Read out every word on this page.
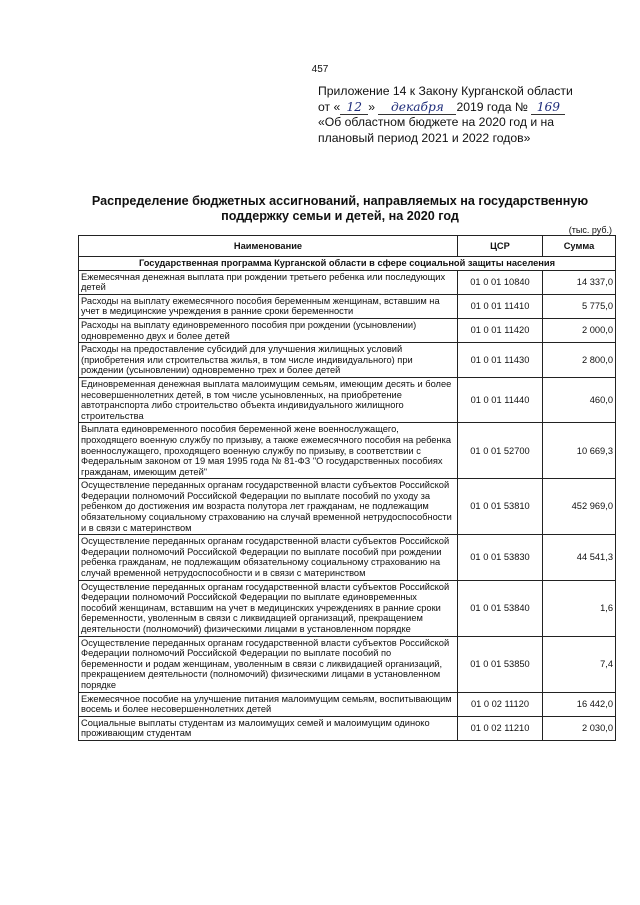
457
Приложение 14 к Закону Курганской области
от « 12 » декабря 2019 года № 169
«Об областном бюджете на 2020 год и на
плановый период 2021 и 2022 годов»
Распределение бюджетных ассигнований, направляемых на государственную
поддержку семьи и детей, на 2020 год
(тыс. руб.)
Наименование	ЦСР	Сумма
Государственная программа Курганской области в сфере социальной защиты населения		
Ежемесячная денежная выплата при рождении третьего ребенка или последующих детей	01 0 01 10840	14 337,0
Расходы на выплату ежемесячного пособия беременным женщинам, вставшим на учет в медицинские учреждения в ранние сроки беременности	01 0 01 11410	5 775,0
Расходы на выплату единовременного пособия при рождении (усыновлении) одновременно двух и более детей	01 0 01 11420	2 000,0
Расходы на предоставление субсидий для улучшения жилищных условий (приобретения или строительства жилья, в том числе индивидуального) при рождении (усыновлении) одновременно трех и более детей	01 0 01 11430	2 800,0
Единовременная денежная выплата малоимущим семьям, имеющим десять и более несовершеннолетних детей, в том числе усыновленных, на приобретение автотранспорта либо строительство объекта индивидуального жилищного строительства	01 0 01 11440	460,0
Выплата единовременного пособия беременной жене военнослужащего, проходящего военную службу по призыву, а также ежемесячного пособия на ребенка военнослужащего, проходящего военную службу по призыву, в соответствии с Федеральным законом от 19 мая 1995 года № 81-ФЗ "О государственных пособиях гражданам, имеющим детей"	01 0 01 52700	10 669,3
Осуществление переданных органам государственной власти субъектов Российской Федерации полномочий Российской Федерации по выплате пособий по уходу за ребенком до достижения им возраста полутора лет гражданам, не подлежащим обязательному социальному страхованию на случай временной нетрудоспособности и в связи с материнством	01 0 01 53810	452 969,0
Осуществление переданных органам государственной власти субъектов Российской Федерации полномочий Российской Федерации по выплате пособий при рождении ребенка гражданам, не подлежащим обязательному социальному страхованию на случай временной нетрудоспособности и в связи с материнством	01 0 01 53830	44 541,3
Осуществление переданных органам государственной власти субъектов Российской Федерации полномочий Российской Федерации по выплате единовременных пособий женщинам, вставшим на учет в медицинских учреждениях в ранние сроки беременности, уволенным в связи с ликвидацией организаций, прекращением деятельности (полномочий) физическими лицами в установленном порядке	01 0 01 53840	1,6
Осуществление переданных органам государственной власти субъектов Российской Федерации полномочий Российской Федерации по выплате пособий по беременности и родам женщинам, уволенным в связи с ликвидацией организаций, прекращением деятельности (полномочий) физическими лицами в установленном порядке	01 0 01 53850	7,4
Ежемесячное пособие на улучшение питания малоимущим семьям, воспитывающим восемь и более несовершеннолетних детей	01 0 02 11120	16 442,0
Социальные выплаты студентам из малоимущих семей и малоимущим одиноко проживающим студентам	01 0 02 11210	2 030,0
